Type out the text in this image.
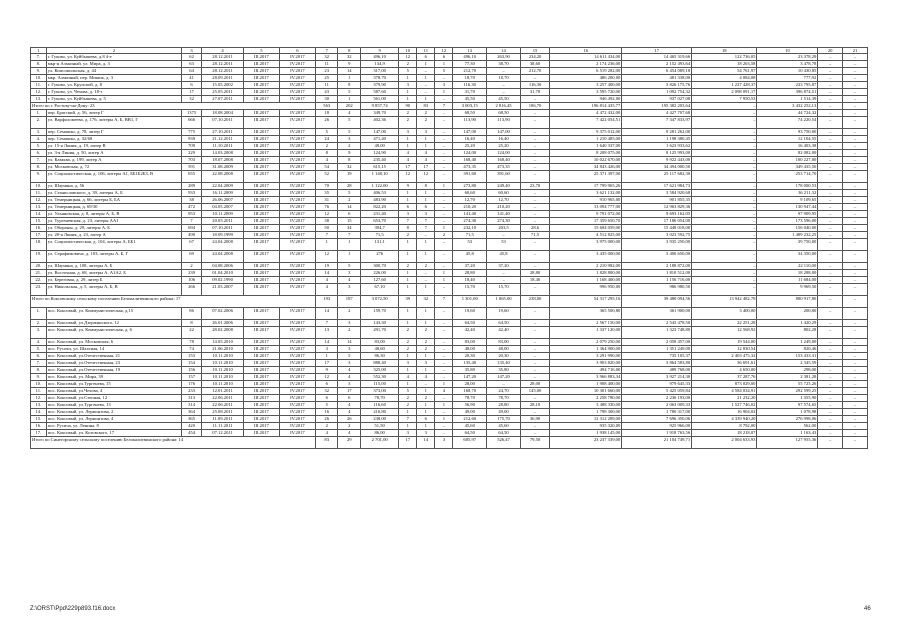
1	2	3	4	5	6	7	8	9	10	11	12	13	14	15	16	17	18	19	20	21
7.	г. Гуково, ул. Куйбышева, д.8 4-е	62	28.12.2011	III.2017	IV.2017	32	32	496,10	12	6	6	496,10	263,90	234,20	14 611 434,00	14 465 319,66	122 736,05	23 378,29	–	–
8.	мкр-н Алмазный, ул. Мира, д. 3	63	28.12.2011	III.2017	IV.2017	11	9	134,9	2	1	1	77,30	38,70	38,60	2 174 236,00	2 152 493,64	18 263,58	3 478,78	–	–
9.	ул. Комсомольская, д. 44	64	28.12.2011	III.2017	IV.2017	23	14	317,00	5	–	5	212,70	–	212,70	6 519 282,00	6 454 089,18	54 761,97	10 430,85	–	–
10.	мкр. Алмазный, пер. Мишиь, д. 3	41	28.09.2011	III.2017	IV.2017	25	1	378,70	1	1	–	18,70	18,70	–	486 200,00	481 338,00	4 084,08	777,92	–	–
11.	г. Гуково, ул. Крупской, д. 8	6	15.05.2002	III.2017	IV.2017	11	8	379,90	3	–	3	116,30	–	116,30	3 257 400,00	3 826 175,76	1 227 428,37	233 795,87	–	–
12.	г. Гуково, ул. Чехова, д. 18-з	17	25.05.2011	III.2017	IV.2017	43	5	587,60	1	–	1	31,70	–	31,70	3 595 720,00	1 092 754,32	2 098 091,17	396 874,51	–	–
13.	г. Гуково, ул. Куйбышева, д. 5	32	27.07.2011	III.2017	IV.2017	30	1	561,00	1	1	–	45,50	45,50	–	946 492,00	937 027,08	7 950,53	1 514,39	–	–
Итого по г. Ростову-на-Дону: 23						563	202	9 857,74	90	83	7	3 003,15	2 816,45	186,70	196 814 435,77	195 382 203,64	–	3 432 252,13	–	–
1.	пер. Братский, д. 56, литер Г	1375	18.08.2004	III.2017	IV.2017	18	4	349,70	2	2	–	68,50	68,50	–	4 472 432,00	4 427 707,68	–	44 724,32	–	–
2.	ул. Варфоломеева, д. 176, литеры А, Б, ВВ1, Г	666	07.10.2011	III.2017	IV.2017	26	5	402,36	2	2	–	113,90	113,90	–	7 422 054,51	7 347 833,97	–	74 220,54	–	–
3.	пер. Семашко, д. 78, литер Г	775	27.10.2011	III.2017	IV.2017	5	5	147,00	3	3	–	147,00	147,00	–	9 375 012,00	9 281 262,00	–	93 750,00	–	–
4.	пер. Семашко, д. 32/68	939	21.12.2011	III.2017	IV.2017	24	3	471,40	1	1	–	16,40	16,40	–	1 210 485,00	1 198 380,45	–	12 104,55	–	–
5.	ул. 15-я Линия, д. 19, литер В	709	11.10.2011	III.2017	IV.2017	2	2	48,00	1	1	–	25,20	25,20	–	1 640 337,00	1 623 933,62	–	16 403,38	–	–
6.	ул. 3-я Линия, д. 50, литер А	229	14.03.2008	III.2017	IV.2017	8	9	124,90	4	4	–	124,00	124,00	–	8 208 075,00	8 125 993,00	–	82 082,00	–	–
7.	ул. Казаква, д. 199, литер А	703	18.07.2008	III.2017	IV.2017	4	8	235,40	4	4	–	168,40	168,40	–	10 022 670,00	9 922 443,00	–	100 227,00	–	–
8.	ул. Московская, д. 72	591	31.08.2009	III.2017	IV.2017	54	32	615,15	17	17	–	473,35	473,35	–	34 843 426,00	34 494 000,50	–	349 435,50	–	–
9.	ул. Социалистическая, д. 106, литеры А1, ББ1Б2Б3, В	655	22.08.2008	III.2017	IV.2017	52	19	1 148,10	12	12	–	391,60	391,60	–	25 371 397,00	25 117 682,30	–	253 714,70	–	–
10.	ул. Шаумяна, д. 56	289	22.04.2009	III.2017	IV.2017	70	28	1 122,00	9	8	1	273,80	249,40	23,70	17 799 965,26	17 621 984,73	–	178 000,53	–	–
11.	ул. Станиславского, д. 39, литеры А, Б	933	16.11.2009	III.2017	IV.2017	35	5	406,53	1	1	–	60,60	60,60	–	3 621 132,00	3 584 920,68	–	36 211,32	–	–
12.	ул. Темерницкая, д. 66, литеры Б, БА	38	26.06.2007	III.2017	IV.2017	31	2	483,90	1	1	–	12,70	12,70	–	910 965,00	901 855,35	–	9 109,65	–	–
13.	ул. Темерницкая, д. 69/30	472	04.05.2007	III.2017	IV.2017	76	14	822,20	6	6	–	210,20	210,20	–	13 094 777,00	12 963 829,36	–	130 947,44	–	–
14.	ул. Ульяновская, д. 8, литеры А, Б, В	953	10.11.2009	III.2017	IV.2017	12	6	231,40	3	3	–	141,40	141,40	–	9 791 072,00	9 693 162,05	–	97 909,95	–	–
15.	ул. Тургеневская, д. 23, литеры АА1	7	20.05.2011	III.2017	IV.2017	38	15	653,70	7	7	–	274,30	274,30	–	17 359 650,70	17 186 054,00	–	173 596,00	–	–
16.	ул. Обороны, д. 29, литеры А, Б	694	07.10.2011	III.2017	IV.2017	50	34	394,7	8	7	1	232,10	203,5	28,6	15 604 059,00	15 448 018,00	–	156 040,00	–	–
17.	ул. 20-я Линия, д. 23, литер А	490	18.09.1999	III.2017	IV.2017	7	7	71,5	2	–	2	71,5	–	71,5	4 512 825,00	3 023 592,75	–	1 489 232,25	–	–
18.	ул. Социалистическая, д. 104, литеры А, ББ1	67	24.04.2008	III.2017	IV.2017	1	1	131,1	1	1	–	53	53	–	3 975 000,00	3 935 250,00	–	39 750,00	–	–
19.	ул. Серафимовича, д. 103, литеры А, Б, Г	69	24.04.2008	III.2017	IV.2017	12	1	276	1	1	–	45,8	45,8	–	3 435 000,00	3 400 650,00	–	34 350,00	–	–
20.	ул. Шаумяна, д. 108, литеры А, Б	2	04.08.2006	III.2017	IV.2017	19	5	300,70	2	2	–	37,20	37,20	–	2 210 982,00	2 188 872,00	–	22 110,00	–	–
21.	ул. Восточная, д. 68, литеры А, А1А2, Б	239	01.04.2010	III.2017	IV.2017	14	3	226,00	1	–	1	28,80	–	28,80	1 828 800,00	1 810 512,00	–	18 288,00	–	–
22.	ул. Береговая, д. 29, литер Б	106	09.02.1990	III.2017	IV.2017	4	4	127,60	1	–	1	18,40	–	18,40	1 168 400,00	1 156 716,00	–	11 684,00	–	–
23.	ул. Никольская, д. 5, литеры А, Б, В	266	21.03.2007	III.2017	IV.2017	4	3	67,10	1	1	–	15,70	15,70	–	996 950,00	986 980,50	–	9 969,50	–	–
Итого по Коксовскому сельскому поселению Белокалитвинского района: 17						193	187	3 072,50	39	32	7	1 301,00	1 065,00	238,00	54 317 295,16	39 480 094,56	13 942 482,78	880 917,80	–	–
1.	пос. Коксовый, ул. Коммунистическая, д.15	86	07.02.2006	III.2017	IV.2017	14	2	159,70	1	1	–	19,60	19,60	–	365 500,80	361 900,00	3 400,00	200,80	–	–
2.	пос. Коксовый, ул.Дзержинского, 12	8	26.01.2006	III.2017	IV.2017	7	3	143,30	1	1	–	64,50	64,50	–	2 567 150,00	2 543 478,50	22 251,28	1 420,29	–	–
3.	пос. Коксовый, ул. Коммунистическая, д. 6	22	28.02.2008	III.2017	IV.2017	13	2	291,70	2	2	–	42,40	42,40	–	1 337 120,00	1 323 748,80	12 568,92	802,28	–	–
4.	пос. Коксовый, ул. Московская, 6	78	14.05.2010	III.2017	IV.2017	14	14	83,00	2	2	–	83,00	83,00	–	2 079 250,00	2 058 457,00	19 544,00	1 249,00	–	–
5.	пос. Русочи, ул. Шахтная, 14	74	21.06.2010	III.2017	IV.2017	3	3	48,60	2	2	–	48,00	48,00	–	1 364 900,00	1 351 249,00	12 830,54	820,46	–	–
6.	пос. Коксовый, ул.Отечественная, 21	153	10.11.2010	III.2017	IV.2017	1	5	86,30	1	1	–	20,30	20,30	–	3 291 990,00	735 105,37	2 403 475,32	153 433,31	–	–
7.	пос. Коксовый, ул.Отечественная, 23	154	10.11.2010	III.2017	IV.2017	17	3	888,40	3	3	–	135,40	135,40	–	3 903 820,00	3 864 583,80	36 691,61	2 345,59	–	–
8.	пос. Коксовый, ул.Отечественная, 19	156	10.11.2010	III.2017	IV.2017	9	4	325,00	1	1	–	35,80	35,80	–	494 716,00	489 768,00	4 650,00	298,00	–	–
9.	пос. Коксовый, ул. Мира, 39	157	10.11.2010	III.2017	IV.2017	12	4	552,30	4	4	–	147,20	147,20	–	3 966 883,34	3 927 214,30	37 287,76	2 381,28	–	–
10.	пос. Коксовый, ул.Тургенева, 15	176	10.11.2010	III.2017	IV.2017	6	3	115,00	1	–	1	28,00	–	28,00	1 908 400,00	979 645,33	873 029,00	55 725,26	–	–
11.	пос. Коксовый, ул.Чехова, 4	233	12.01.2011	III.2017	IV.2017	32	17	373,00	5	1	4	168,70	24,70	145,00	10 301 660,00	5 425 059,84	4 584 034,91	292 599,25	–	–
12.	пос. Коксовый, ул.Степная, 12	313	22.06.2011	III.2017	IV.2017	6	6	78,70	2	2	–	78,70	78,70	–	2 258 780,00	2 236 193,00	21 232,20	1 355,90	–	–
13.	пос. Коксовый, ул.Тургенева, 13	314	22.06.2011	III.2017	IV.2017	5	4	116,60	2	1	1	56,90	28,80	28,10	3 488 330,00	2 063 009,33	1 527 746,02	97 574,65	–	–
14.	пос. Коксовый, ул. Лермонтова, 2	364	25.08.2011	III.2017	IV.2017	16	4	210,80	1	1	–	49,00	49,00	–	1 798 300,00	1 780 317,00	16 904,02	1 078,98	–	–
15.	пос. Коксовый, ул. Лермонтова, 4	365	11.09.2011	III.2017	IV.2017	26	26	238,00	7	6	1	212,60	175,70	36,90	12 312 289,00	7 696 350,06	4 339 940,20	276 998,06	–	–
16.	пос. Русича, ул. Ленина, 8	420	11.11.2011	III.2017	IV.2017	2	2	51,50	1	1	–	45,60	45,60	–	935 320,00	925 966,00	8 792,00	562,00	–	–
17.	пос. Коксовый, ул. Котовского, 17	454	07.12.2011	III.2017	IV.2017	4	4	86,00	3	3	–	64,50	64,50	–	1 938 145,00	1 918 763,56	18 218,07	1 163,43	–	–
Итого по Синегорскому сельскому поселению Белокалитвинского района: 14						83	29	2 701,00	17	14	3	605,97	526,47	79,50	23 237 339,00	21 104 749,71	2 004 633,93	127 955,36	–	–
Z:\ORST\Ppd\229p893.f16.docx	46
